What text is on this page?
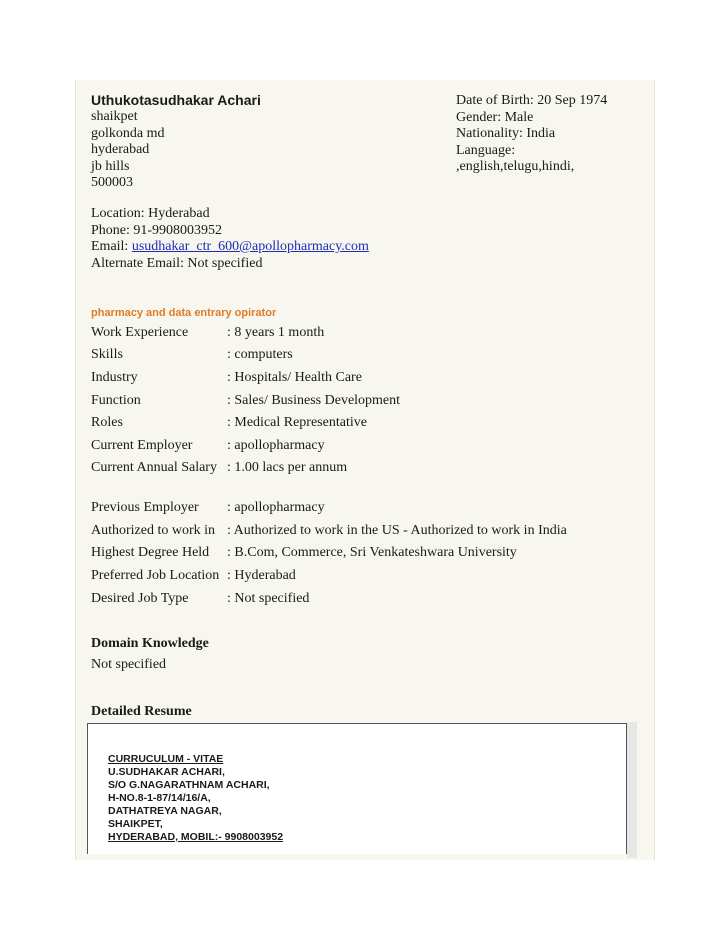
Uthukotasudhakar Achari
shaikpet
golkonda md
hyderabad
jb hills
500003
Date of Birth: 20 Sep 1974
Gender: Male
Nationality: India
Language:
,english,telugu,hindi,
Location: Hyderabad
Phone: 91-9908003952
Email: usudhakar_ctr_600@apollopharmacy.com
Alternate Email: Not specified
pharmacy and data entrary opirator
Work Experience	: 8 years 1 month
Skills	: computers
Industry	: Hospitals/ Health Care
Function	: Sales/ Business Development
Roles	: Medical Representative
Current Employer : apollopharmacy
Current Annual Salary : 1.00 lacs per annum
Previous Employer : apollopharmacy
Authorized to work in : Authorized to work in the US - Authorized to work in India
Highest Degree Held : B.Com, Commerce, Sri Venkateshwara University
Preferred Job Location : Hyderabad
Desired Job Type	: Not specified
Domain Knowledge
Not specified
Detailed Resume
CURRUCULUM - VITAE
U.SUDHAKAR ACHARI,
S/O G.NAGARATHNAM ACHARI,
H-NO.8-1-87/14/16/A,
DATHATREYA NAGAR,
SHAIKPET,
HYDERABAD, MOBIL:- 9908003952
